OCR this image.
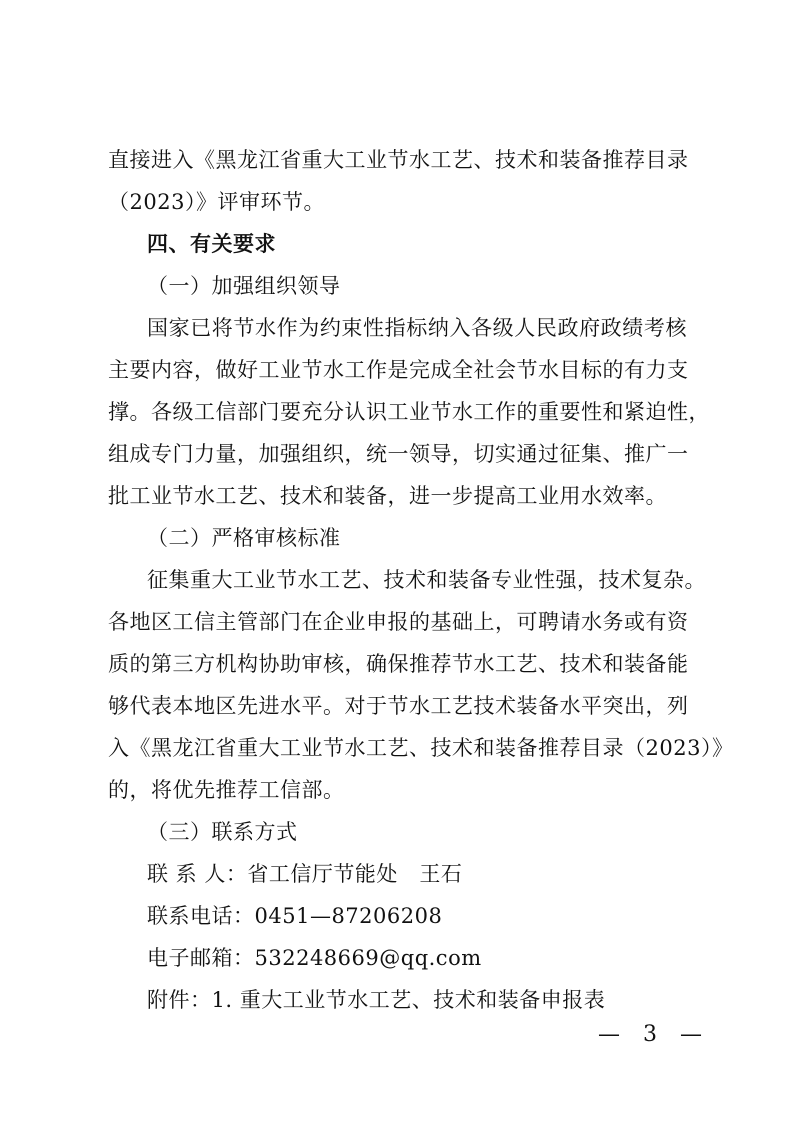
直接进入《黑龙江省重大工业节水工艺、技术和装备推荐目录
（2023）》评审环节。
四、有关要求
（一）加强组织领导
国家已将节水作为约束性指标纳入各级人民政府政绩考核
主要内容，做好工业节水工作是完成全社会节水目标的有力支
撑。各级工信部门要充分认识工业节水工作的重要性和紧迫性，
组成专门力量，加强组织，统一领导，切实通过征集、推广一
批工业节水工艺、技术和装备，进一步提高工业用水效率。
（二）严格审核标准
征集重大工业节水工艺、技术和装备专业性强，技术复杂。
各地区工信主管部门在企业申报的基础上，可聘请水务或有资
质的第三方机构协助审核，确保推荐节水工艺、技术和装备能
够代表本地区先进水平。对于节水工艺技术装备水平突出，列
入《黑龙江省重大工业节水工艺、技术和装备推荐目录（2023）》
的，将优先推荐工信部。
（三）联系方式
联 系 人：省工信厅节能处　王石
联系电话：0451—87206208
电子邮箱：532248669@qq.com
附件：1. 重大工业节水工艺、技术和装备申报表
— 3 —
